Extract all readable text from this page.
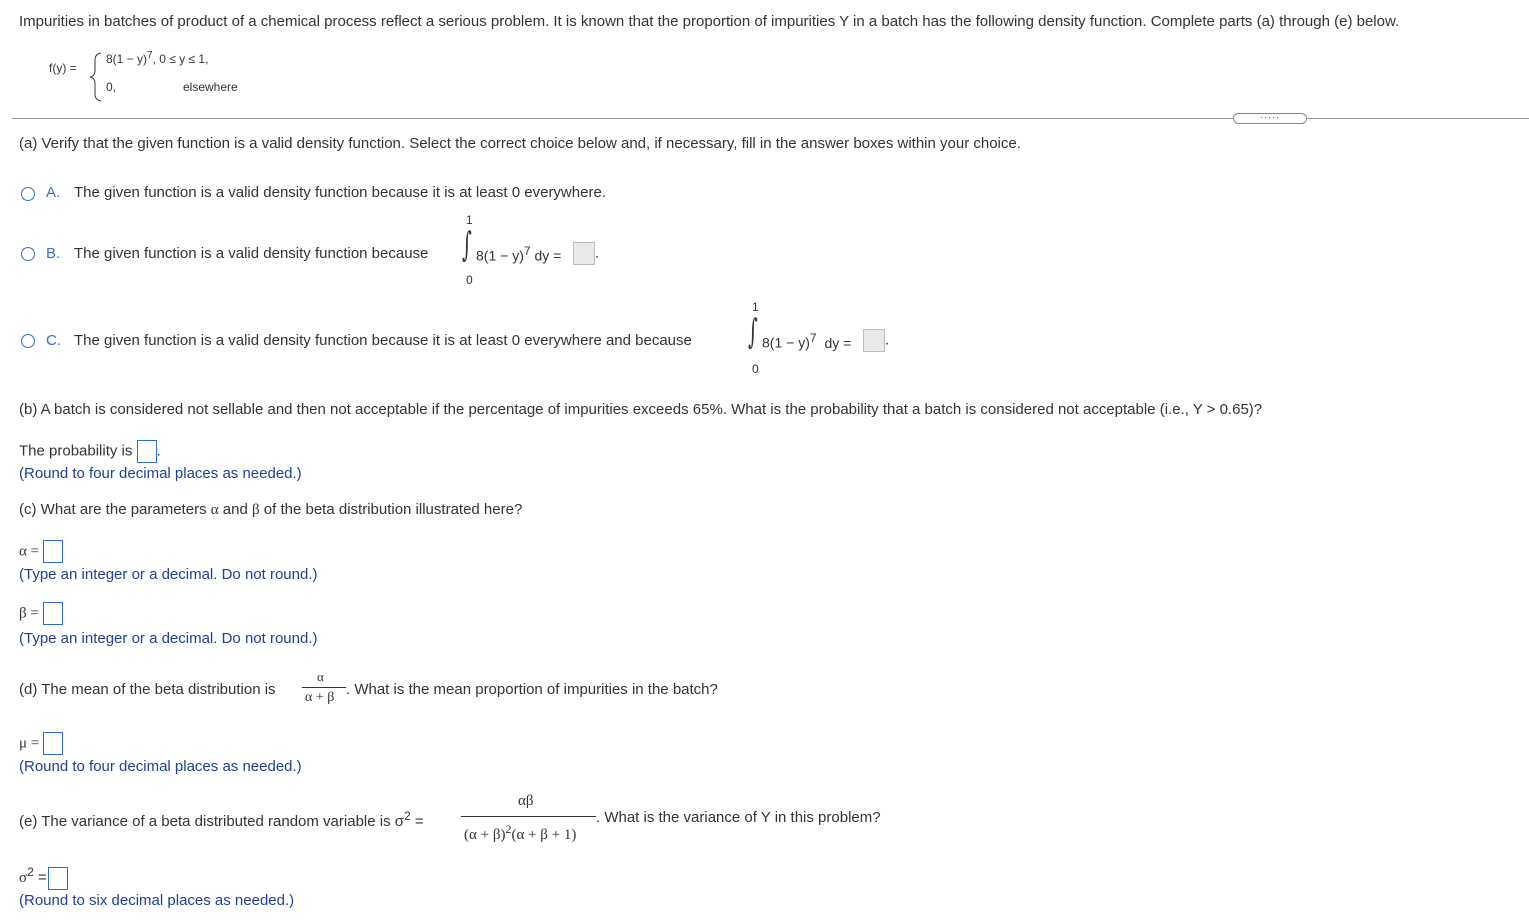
Impurities in batches of product of a chemical process reflect a serious problem. It is known that the proportion of impurities Y in a batch has the following density function. Complete parts (a) through (e) below.
f(y) =
$8(1 - y)^7$, 0 ≤ y ≤ 1,
0,	elsewhere
·····
(a) Verify that the given function is a valid density function. Select the correct choice below and, if necessary, fill in the answer boxes within your choice.
A. The given function is a valid density function because it is at least 0 everywhere.
B. The given function is a valid density function because
1
∫
0
$8(1 - y)^7$ dy =	.
C. The given function is a valid density function because it is at least 0 everywhere and because
1
∫
0
$8(1 - y)^7$ dy =	.
(b) A batch is considered not sellable and then not acceptable if the percentage of impurities exceeds 65%. What is the probability that a batch is considered not acceptable (i.e., Y > 0.65)?
The probability is .
(Round to four decimal places as needed.)
(c) What are the parameters α and β of the beta distribution illustrated here?
α =
(Type an integer or a decimal. Do not round.)
β =
(Type an integer or a decimal. Do not round.)
(d) The mean of the beta distribution is
α
α + β . What is the mean proportion of impurities in the batch?
μ =
(Round to four decimal places as needed.)
(e) The variance of a beta distributed random variable is $\sigma^2$ =
αβ
$(\alpha + \beta)^2(\alpha + \beta + 1)$
. What is the variance of Y in this problem?
$\sigma^2$ =
(Round to six decimal places as needed.)
